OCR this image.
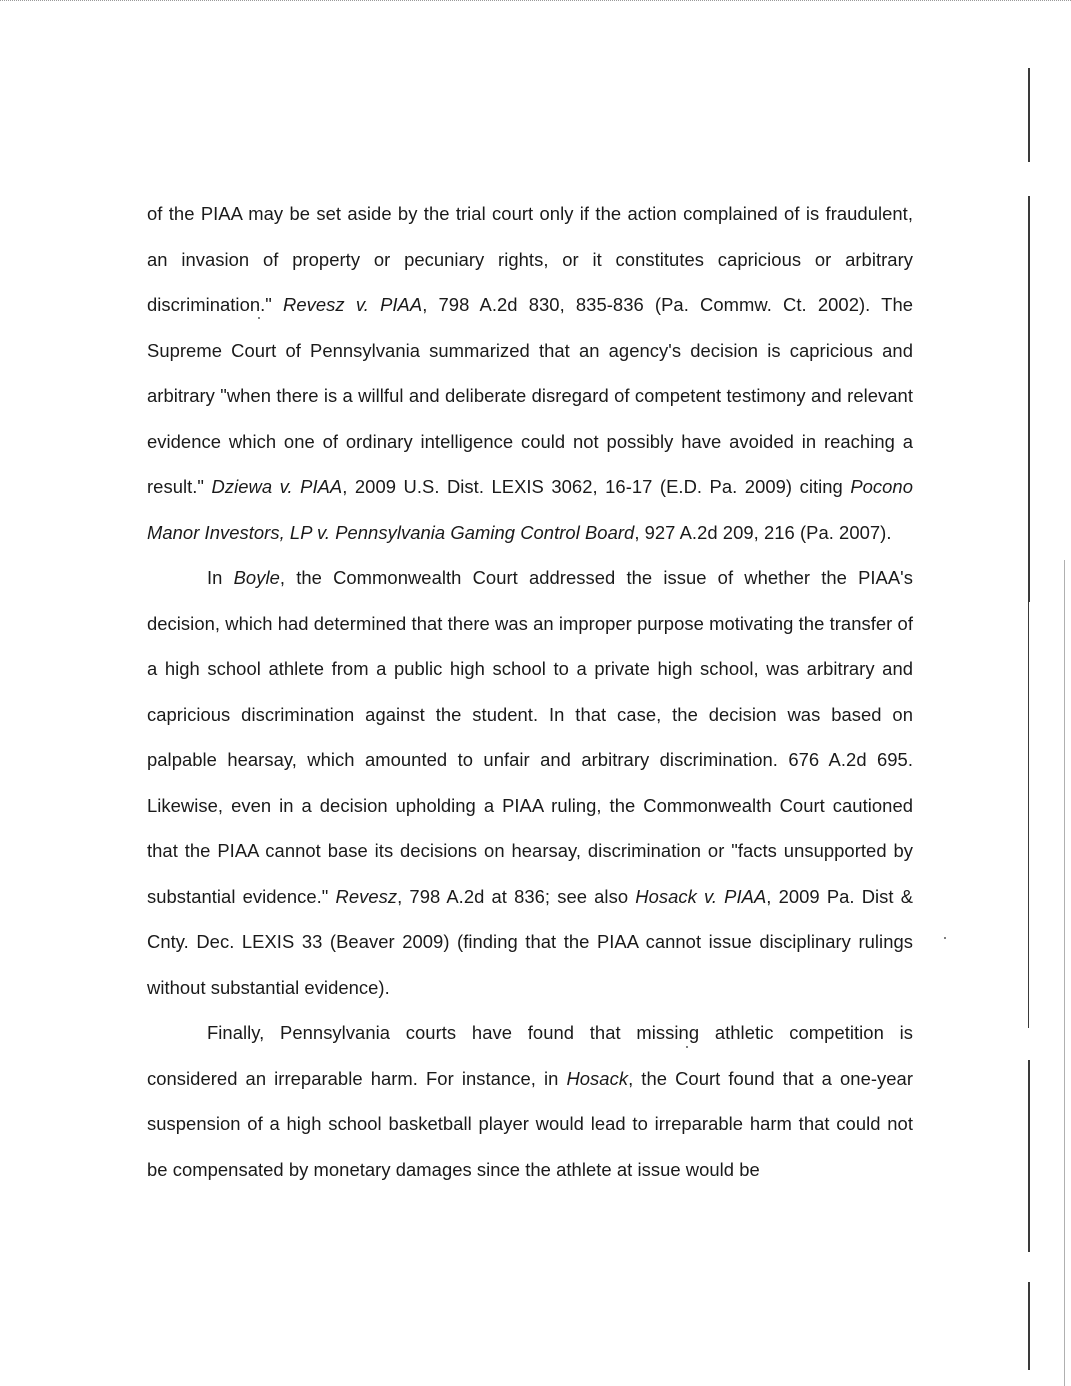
of the PIAA may be set aside by the trial court only if the action complained of is fraudulent, an invasion of property or pecuniary rights, or it constitutes capricious or arbitrary discrimination." Revesz v. PIAA, 798 A.2d 830, 835-836 (Pa. Commw. Ct. 2002). The Supreme Court of Pennsylvania summarized that an agency's decision is capricious and arbitrary "when there is a willful and deliberate disregard of competent testimony and relevant evidence which one of ordinary intelligence could not possibly have avoided in reaching a result." Dziewa v. PIAA, 2009 U.S. Dist. LEXIS 3062, 16-17 (E.D. Pa. 2009) citing Pocono Manor Investors, LP v. Pennsylvania Gaming Control Board, 927 A.2d 209, 216 (Pa. 2007).

In Boyle, the Commonwealth Court addressed the issue of whether the PIAA's decision, which had determined that there was an improper purpose motivating the transfer of a high school athlete from a public high school to a private high school, was arbitrary and capricious discrimination against the student. In that case, the decision was based on palpable hearsay, which amounted to unfair and arbitrary discrimination. 676 A.2d 695. Likewise, even in a decision upholding a PIAA ruling, the Commonwealth Court cautioned that the PIAA cannot base its decisions on hearsay, discrimination or "facts unsupported by substantial evidence." Revesz, 798 A.2d at 836; see also Hosack v. PIAA, 2009 Pa. Dist & Cnty. Dec. LEXIS 33 (Beaver 2009) (finding that the PIAA cannot issue disciplinary rulings without substantial evidence).

Finally, Pennsylvania courts have found that missing athletic competition is considered an irreparable harm. For instance, in Hosack, the Court found that a one-year suspension of a high school basketball player would lead to irreparable harm that could not be compensated by monetary damages since the athlete at issue would be
